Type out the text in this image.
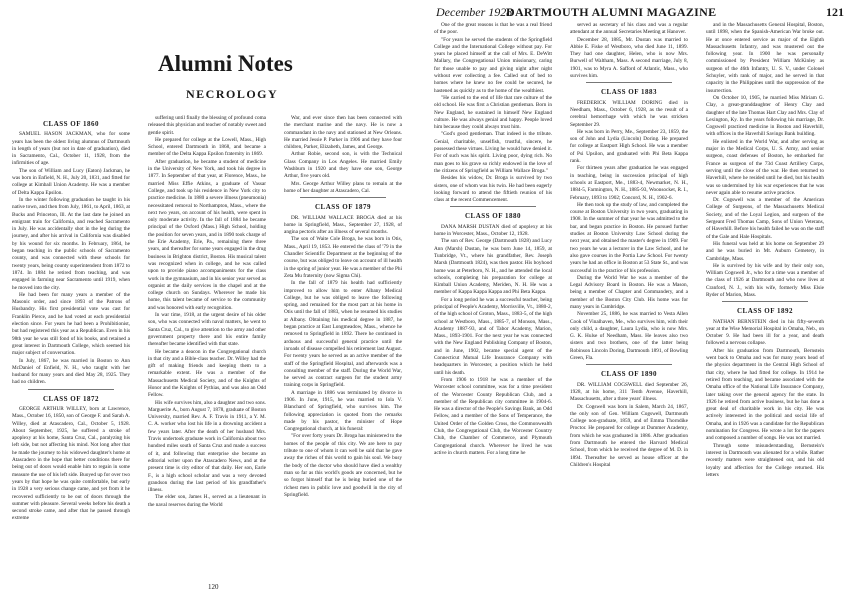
Alumni Notes
NECROLOGY
CLASS OF 1860

SAMUEL HASON JACKMAN, who for some years has been the oldest living alumnus of Dartmouth in length of years (but not in date of graduation), died in Sacramento, Cal., October 11, 1928, from the infirmities of age.

The son of William and Lucy (Eaton) Jackman, he was born in Enfield, N. H., July 20, 1831, and fitted for college at Kimball Union Academy. He was a member of Delta Kappa Epsilon.

In the winter following graduation he taught in his native town, and then from July, 1861, to April, 1863, at Bucks and Princeton, Ill. At the last date he joined an emigrant train for California, and reached Sacramento in July. He was accidentally shot in the leg during the journey, and after his arrival in California was disabled by his wound for six months. In February, 1864, he began teaching in the public schools of Sacramento county, and was connected with these schools for twenty years, being county superintendent from 1872 to 1874. In 1884 he retired from teaching, and was engaged in farming near Sacramento until 1919, when he moved into the city.

He had been for many years a member of the Masonic order, and since 1893 of the Patrons of Husbandry. His first presidential vote was cast for Franklin Pierce, and he had voted at each presidential election since. For years he had been a Prohibitionist, but had registered this year as a Republican. Even in his 98th year he was still fond of his books, and retained a great interest in Dartmouth College, which seemed his major subject of conversation.

In July, 1867, he was married in Boston to Ann McDaniel of Enfield, N. H., who taught with her husband for many years and died May 28, 1925. They had no children.

CLASS OF 1872

GEORGE ARTHUR WILLEY, born at Lawrence, Mass., October 16, 1850, son of George F. and Sarah A. Willey, died at Atascadero, Cal., October 5, 1928. About September, 1925, he suffered a stroke of apoplexy at his home, Santa Cruz, Cal., paralyzing his left side, but not affecting his mind. Not long after that he made the journey to his widowed daughter's home at Atascadero in the hope that better conditions there for being out of doors would enable him to regain in some measure the use of his left side. Buoyed up for over two years by that hope he was quite comfortable, but early in 1928 a very serious change came, and yet from it he recovered sufficiently to be out of doors through the summer with pleasure. Several weeks before his death a second stroke came, and after that he passed through extreme

suffering until finally the blessing of profound coma released this physician and teacher of notably sweet and gentle spirit.

He prepared for college at the Lowell, Mass., High School, entered Dartmouth in 1868, and became a member of the Delta Kappa Epsilon fraternity in 1869.

After graduation, he became a student of medicine in the University of New York, and took his degree in 1877. In September of that year, at Florence, Mass., he married Miss Effie Atkins, a graduate of Vassar College, and took up his residence in New York city to practice medicine. In 1880 a severe illness (pneumonia) necessitated removal to Northampton, Mass., where the next two years, on account of his health, were spent in only moderate activity. In the fall of 1884 he became principal of the Oxford (Mass.) High School, holding the position for seven years, and in 1890 took charge of the Erie Academy, Erie, Pa., remaining there three years, and thereafter for some years engaged in the drug business in Brighton district, Boston. His musical talent was recognized when in college, and he was called upon to provide piano accompaniments for the class work in the gymnasium, and in his senior year served as organist at the daily services in the chapel and at the college church on Sundays. Wherever he made his home, this talent became of service to the community and was honored with early recognition.

In war time, 1918, at the urgent desire of his older son, who was connected with naval matters, he went to Santa Cruz, Cal., to give attention to the army and other government property there and his entire family thereafter became identified with that state.

He became a deacon in the Congregational church in that city and a Bible-class teacher. Dr. Willey had the gift of making friends and keeping them to a remarkable extent. He was a member of the Massachusetts Medical Society, and of the Knights of Honor and the Knights of Pythias, and was also an Odd Fellow.

His wife survives him, also a daughter and two sons. Marguerite A., born August 7, 1878, graduate of Boston University, married Rev. A. F. Travis in 1911, a Y. M. C. A. worker who lost his life in a drowning accident a few years later. After the death of her husband Mrs. Travis undertook graduate work in California about two hundred miles south of Santa Cruz and made a success of it, and following that enterprise she became an editorial writer upon the Atascadero News, and at the present time is city editor of that daily. Her son, Earle F., is a high school scholar and was a very devoted grandson during the last period of his grandfather's illness.

The elder son, James H., served as a lieutenant in the naval reserves during the World

War, and ever since then has been connected with the merchant marine and the navy. He is now a commandant in the navy and stationed at New Orleans. He married Jessie P. Parker in 1906 and they have four children, Parker, Elizabeth, James, and George.

Arthur Robie, second son, is with the Technical Glass Company in Los Angeles. He married Emily Washburn in 1920 and they have one son, George Arthur, five years old.

Mrs. George Arthur Willey plans to remain at the home of her daughter at Atascadero, Cal.

CLASS OF 1879

DR. WILLIAM WALLACE BROGA died at his home in Springfield, Mass., September 27, 1928, of angina pectoris after an illness of several months.

The son of Waite Cole Broga, he was born in Otis, Mass., April 19, 1853. He entered the class of '79 in the Chandler Scientific Department at the beginning of the course, but was obliged to leave on account of ill health in the spring of junior year. He was a member of the Phi Zeta Mu fraternity (now Sigma Chi).

In the fall of 1879 his health had sufficiently improved to allow him to enter Albany Medical College, but he was obliged to leave the following spring, and remained for the most part at his home in Otis until the fall of 1883, when he resumed his studies at Albany. Obtaining his medical degree in 1887, he began practice at East Longmeadow, Mass., whence he removed to Springfield in 1892. There he continued in arduous and successful general practice until the inroads of disease compelled his retirement last August. For twenty years he served as an active member of the staff of the Springfield Hospital, and afterwards was a consulting member of the staff. During the World War, he served as contract surgeon for the student army training corps in Springfield.

A marriage in 1886 was terminated by divorce in 1906. In June, 1915, he was married to Iola V. Blanchard of Springfield, who survives him. The following appreciation is quoted from the remarks made by his pastor, the minister of Hope Congregational church, at his funeral:

"For over forty years Dr. Broga has ministered to the homes of the people of this city. We are here to pay tribute to one of whom it can well be said that he gave away the riches of this world to gain his soul. We busy the body of the doctor who should have died a wealthy man so far as this world's goods are concerned, but he so forgot himself that he is being buried one of the richest men in public love and goodwill in the city of Springfield.

120
December 1928
DARTMOUTH ALUMNI MAGAZINE	121

One of the great reasons is that he was a real friend of the poor.

"For years he served the students of the Springfield College and the International College without pay. For years he placed himself at the call of Mrs. E. DeWitt Mallary, the Congregational Union missionary, caring for those unable to pay and giving night after night without ever collecting a fee. Called out of bed to homes where he knew no fee could be secured, he hastened as quickly as to the home of the wealthiest.

"He carried to the end of life that rare culture of the old school. He was first a Christian gentleman. Born in New England, he sustained in himself New England culture. He was always genial and happy. People loved him because they could always trust him.

"God's good gentleman. That indeed is the tribute. Genial, charitable, unselfish, trustful, sincere, he possessed these virtues. Living he would have denied it. For of such was his spirit. Living poor, dying rich. No man goes to his grave so richly endowed in the love of the citizens of Springfield as William Wallace Broga."

Besides his widow, Dr. Broga is survived by two sisters, one of whom was his twin. He had been eagerly looking forward to attend the fiftieth reunion of his class at the recent Commencement.

CLASS OF 1880

DANA MARSH DUSTAN died of apoplexy at his home in Worcester, Mass., October 12, 1928.

The son of Rev. George (Dartmouth 1828) and Lucy Ann (Marsh) Dustan, he was born June 14, 1859, at Tunbridge, Vt., where his grandfather, Rev. Joseph Marsh (Dartmouth 1824), was then pastor. His boyhood home was at Peterboro, N. H., and he attended the local schools, completing his preparation for college at Kimball Union Academy, Meriden, N. H. He was a member of Kappa Kappa Kappa and Phi Beta Kappa.

For a long period he was a successful teacher, being principal of People's Academy, Morrisville, Vt., 1880-2, of the high school of Groton, Mass., 1883-5, of the high school at Westboro, Mass., 1885-7, of Monson, Mass., Academy 1887-93, and of Tabor Academy, Marion, Mass., 1893-1901. For the next year he was connected with the New England Publishing Company of Boston, and in June, 1902, became special agent of the Connecticut Mutual Life Insurance Company with headquarters in Worcester, a position which he held until his death.

From 1906 to 1918 he was a member of the Worcester school committee, was for a time president of the Worcester County Republican Club, and a member of the Republican city committee in 1904-6. He was a director of the People's Savings Bank, an Odd Fellow, and a member of the Sons of Temperance, the United Order of the Golden Cross, the Commonwealth Club, the Congregational Club, the Worcester Country Club, the Chamber of Commerce, and Plymouth Congregational church. Wherever he lived he was active in church matters. For a long time he

served as secretary of his class and was a regular attendant at the annual Secretaries Meeting at Hanover.

December 28, 1885, Mr. Dustan was married to Abbie E. Fiske of Westboro, who died June 11, 1899. They had one daughter, Helen, who is now Mrs. Burwell of Waltham, Mass. A second marriage, July 8, 1901, was to Myra A. Safford of Atlantic, Mass., who survives him.

CLASS OF 1883

FREDERICK WILLIAM DORING died in Needham, Mass., October 6, 1928, as the result of a cerebral hemorrhage with which he was stricken September 29.

He was born in Perry, Me., September 23, 1859, the son of John and Lydia (Lincoln) Doring. He prepared for college at Eastport High School. He was a member of Psi Upsilon, and graduated with Phi Beta Kappa rank.

For thirteen years after graduation he was engaged in teaching, being in succession principal of high schools at Eastport, Me., 1883-4, Newmarket, N. H., 1884-5, Farmington, N. H., 1885-93, Woonsocket, R. I., February, 1893 to 1902; Concord, N. H., 1902-6.

He then took up the study of law, and completed the course at Boston University in two years, graduating in 1908. In the summer of that year he was admitted to the bar, and began practice in Boston. He pursued further studies at Boston University Law School during the next year, and obtained the master's degree in 1909. For two years he was a lecturer in the Law School, and he also gave courses in the Portia Law School. For twenty years he had an office in Boston at 53 State St., and was successful in the practice of his profession.

During the World War he was a member of the Legal Advisory Board in Boston. He was a Mason, being a member of Chapter and Commandery, and a member of the Boston City Club. His home was for many years in Cambridge.

November 25, 1886, he was married to Vesta Allen Cook of Vinalhaven, Me., who survives him, with their only child, a daughter, Laura Lydia, who is now Mrs. G. K. Hulse of Needham, Mass. He leaves also two sisters and two brothers, one of the latter being Robinson Lincoln Doring, Dartmouth 1891, of Bowling Green, Fla.

CLASS OF 1890

DR. WILLIAM COGSWELL died September 26, 1928, at his home, 311 Tenth Avenue, Haverhill, Massachusetts, after a three years' illness.

Dr. Cogswell was born in Salem, March 24, 1867, the only son of Gen. William Cogswell, Dartmouth College non-graduate, 1859, and of Emma Thorndike Proctor. He prepared for college at Dummer Academy, from which he was graduated in 1886. After graduation from Dartmouth he entered the Harvard Medical School, from which he received the degree of M. D. in 1894. Thereafter he served as house officer at the Children's Hospital

and in the Massachusetts General Hospital, Boston, until 1898, when the Spanish-American War broke out. He at once entered service as major of the Eighth Massachusetts Infantry, and was mustered out the following year. In 1900 he was personally commissioned by President William McKinley as surgeon of the 46th Infantry, U. S. V., under Colonel Schuyler, with rank of major, and he served in that capacity in the Philippines until the suppression of the insurrection.

On October 10, 1905, he married Miss Miriam G. Clay, a great-granddaughter of Henry Clay and daughter of the late Thomas Hart Clay and Mrs. Clay of Lexington, Ky. In the years following his marriage, Dr. Cogswell practiced medicine in Boston and Haverhill, with offices in the Haverhill Savings Bank building.

He enlisted in the World War, and after serving as major in the Medical Corps, U. S. Army, and senior surgeon, coast defenses of Boston, he embarked for France as surgeon of the 73d Coast Artillery Corps, serving until the close of the war. He then returned to Haverhill, where he resided until he died, but his health was so undermined by his war experiences that he was never again able to resume active practice.

Dr. Cogswell was a member of the American College of Surgeons, of the Massachusetts Medical Society, and of the Loyal Legion, and surgeon of the Sergeant Fred Thomas Camp, Sons of Union Veterans, of Haverhill. Before his health failed he was on the staff of the Gale and Hale Hospitals.

His funeral was held at his home on September 29 and he was buried in Mt. Auburn Cemetery, in Cambridge, Mass.

He is survived by his wife and by their only son, William Cogswell Jr., who for a time was a member of the class of 1926 at Dartmouth and who now lives at Cranford, N. J., with his wife, formerly Miss Elsie Ryder of Marion, Mass.

CLASS OF 1892

NATHAN BERNSTEIN died in his fifty-seventh year at the Wise Memorial Hospital in Omaha, Neb., on October 9. He had been ill for a year, and death followed a nervous collapse.

After his graduation from Dartmouth, Bernstein went back to Omaha and was for many years head of the physics department in the Central High School of that city, where he had fitted for college. In 1914 he retired from teaching, and became associated with the Omaha office of the National Life Insurance Company, later taking over the general agency for the state. In 1926 he retired from active business, but he has done a great deal of charitable work in his city. He was actively interested in the political and social life of Omaha, and in 1926 was a candidate for the Republican nomination for Congress. He wrote a lot for the papers and composed a number of songs. He was not married.

Through some misunderstanding, Bernstein's interest in Dartmouth was alienated for a while. Rather recently matters were straightened out, and his old loyalty and affection for the College returned. His letters
